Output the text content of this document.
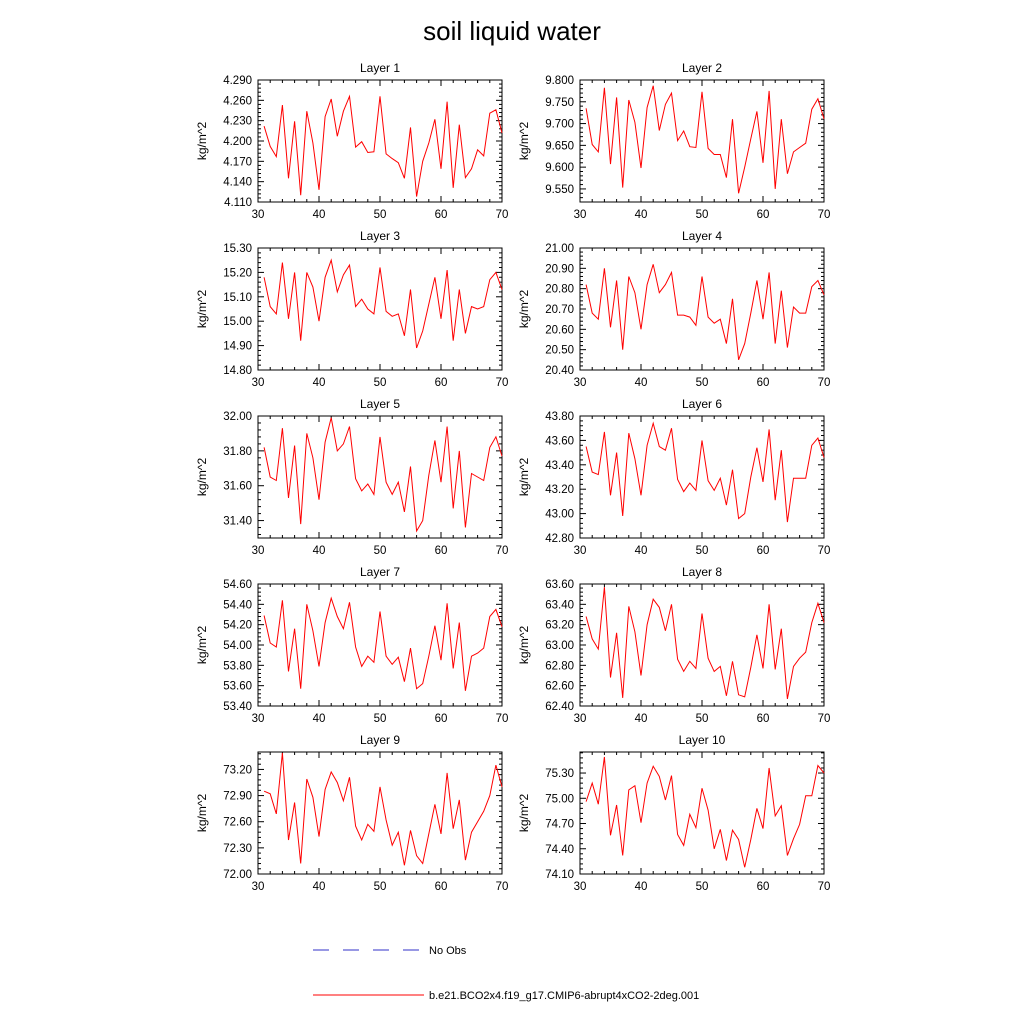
soil liquid water
Layer 1
kg/m^2
30	40	50	60	70
4.110
4.140
4.170
4.200
4.230
4.260
4.290
Layer 2
kg/m^2
30	40	50	60	70
9.550
9.600
9.650
9.700
9.750
9.800
Layer 3
kg/m^2
30	40	50	60	70
14.80
14.90
15.00
15.10
15.20
15.30
Layer 4
kg/m^2
30	40	50	60	70
20.40
20.50
20.60
20.70
20.80
20.90
21.00
Layer 5
kg/m^2
30	40	50	60	70
31.40
31.60
31.80
32.00
Layer 6
kg/m^2
30	40	50	60	70
42.80
43.00
43.20
43.40
43.60
43.80
Layer 7
kg/m^2
30	40	50	60	70
53.40
53.60
53.80
54.00
54.20
54.40
54.60
Layer 8
kg/m^2
30	40	50	60	70
62.40
62.60
62.80
63.00
63.20
63.40
63.60
Layer 9
kg/m^2
30	40	50	60	70
72.00
72.30
72.60
72.90
73.20
Layer 10
kg/m^2
30	40	50	60	70
74.10
74.40
74.70
75.00
75.30
No Obs
b.e21.BCO2x4.f19_g17.CMIP6-abrupt4xCO2-2deg.001
